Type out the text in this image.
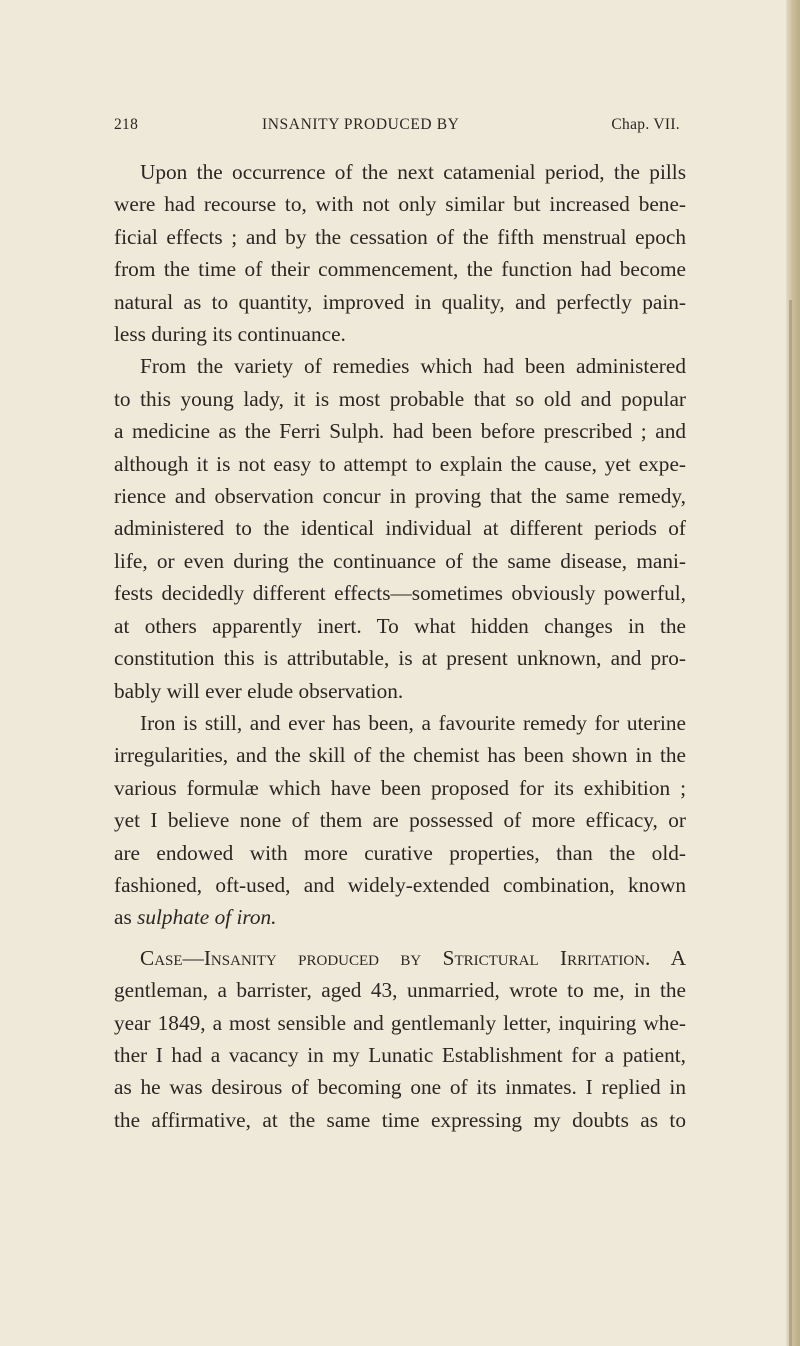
218	INSANITY PRODUCED BY	Chap. VII.
Upon the occurrence of the next catamenial period, the pills
were had recourse to, with not only similar but increased bene-
ficial effects ; and by the cessation of the fifth menstrual epoch
from the time of their commencement, the function had become
natural as to quantity, improved in quality, and perfectly pain-
less during its continuance.
From the variety of remedies which had been administered
to this young lady, it is most probable that so old and popular
a medicine as the Ferri Sulph. had been before prescribed ; and
although it is not easy to attempt to explain the cause, yet expe-
rience and observation concur in proving that the same remedy,
administered to the identical individual at different periods of
life, or even during the continuance of the same disease, mani-
fests decidedly different effects—sometimes obviously powerful,
at others apparently inert. To what hidden changes in the
constitution this is attributable, is at present unknown, and pro-
bably will ever elude observation.
Iron is still, and ever has been, a favourite remedy for uterine
irregularities, and the skill of the chemist has been shown in the
various formulæ which have been proposed for its exhibition ;
yet I believe none of them are possessed of more efficacy, or
are endowed with more curative properties, than the old-
fashioned, oft-used, and widely-extended combination, known
as sulphate of iron.
Case—Insanity produced by Strictural Irritation. A
gentleman, a barrister, aged 43, unmarried, wrote to me, in the
year 1849, a most sensible and gentlemanly letter, inquiring whe-
ther I had a vacancy in my Lunatic Establishment for a patient,
as he was desirous of becoming one of its inmates. I replied in
the affirmative, at the same time expressing my doubts as to
